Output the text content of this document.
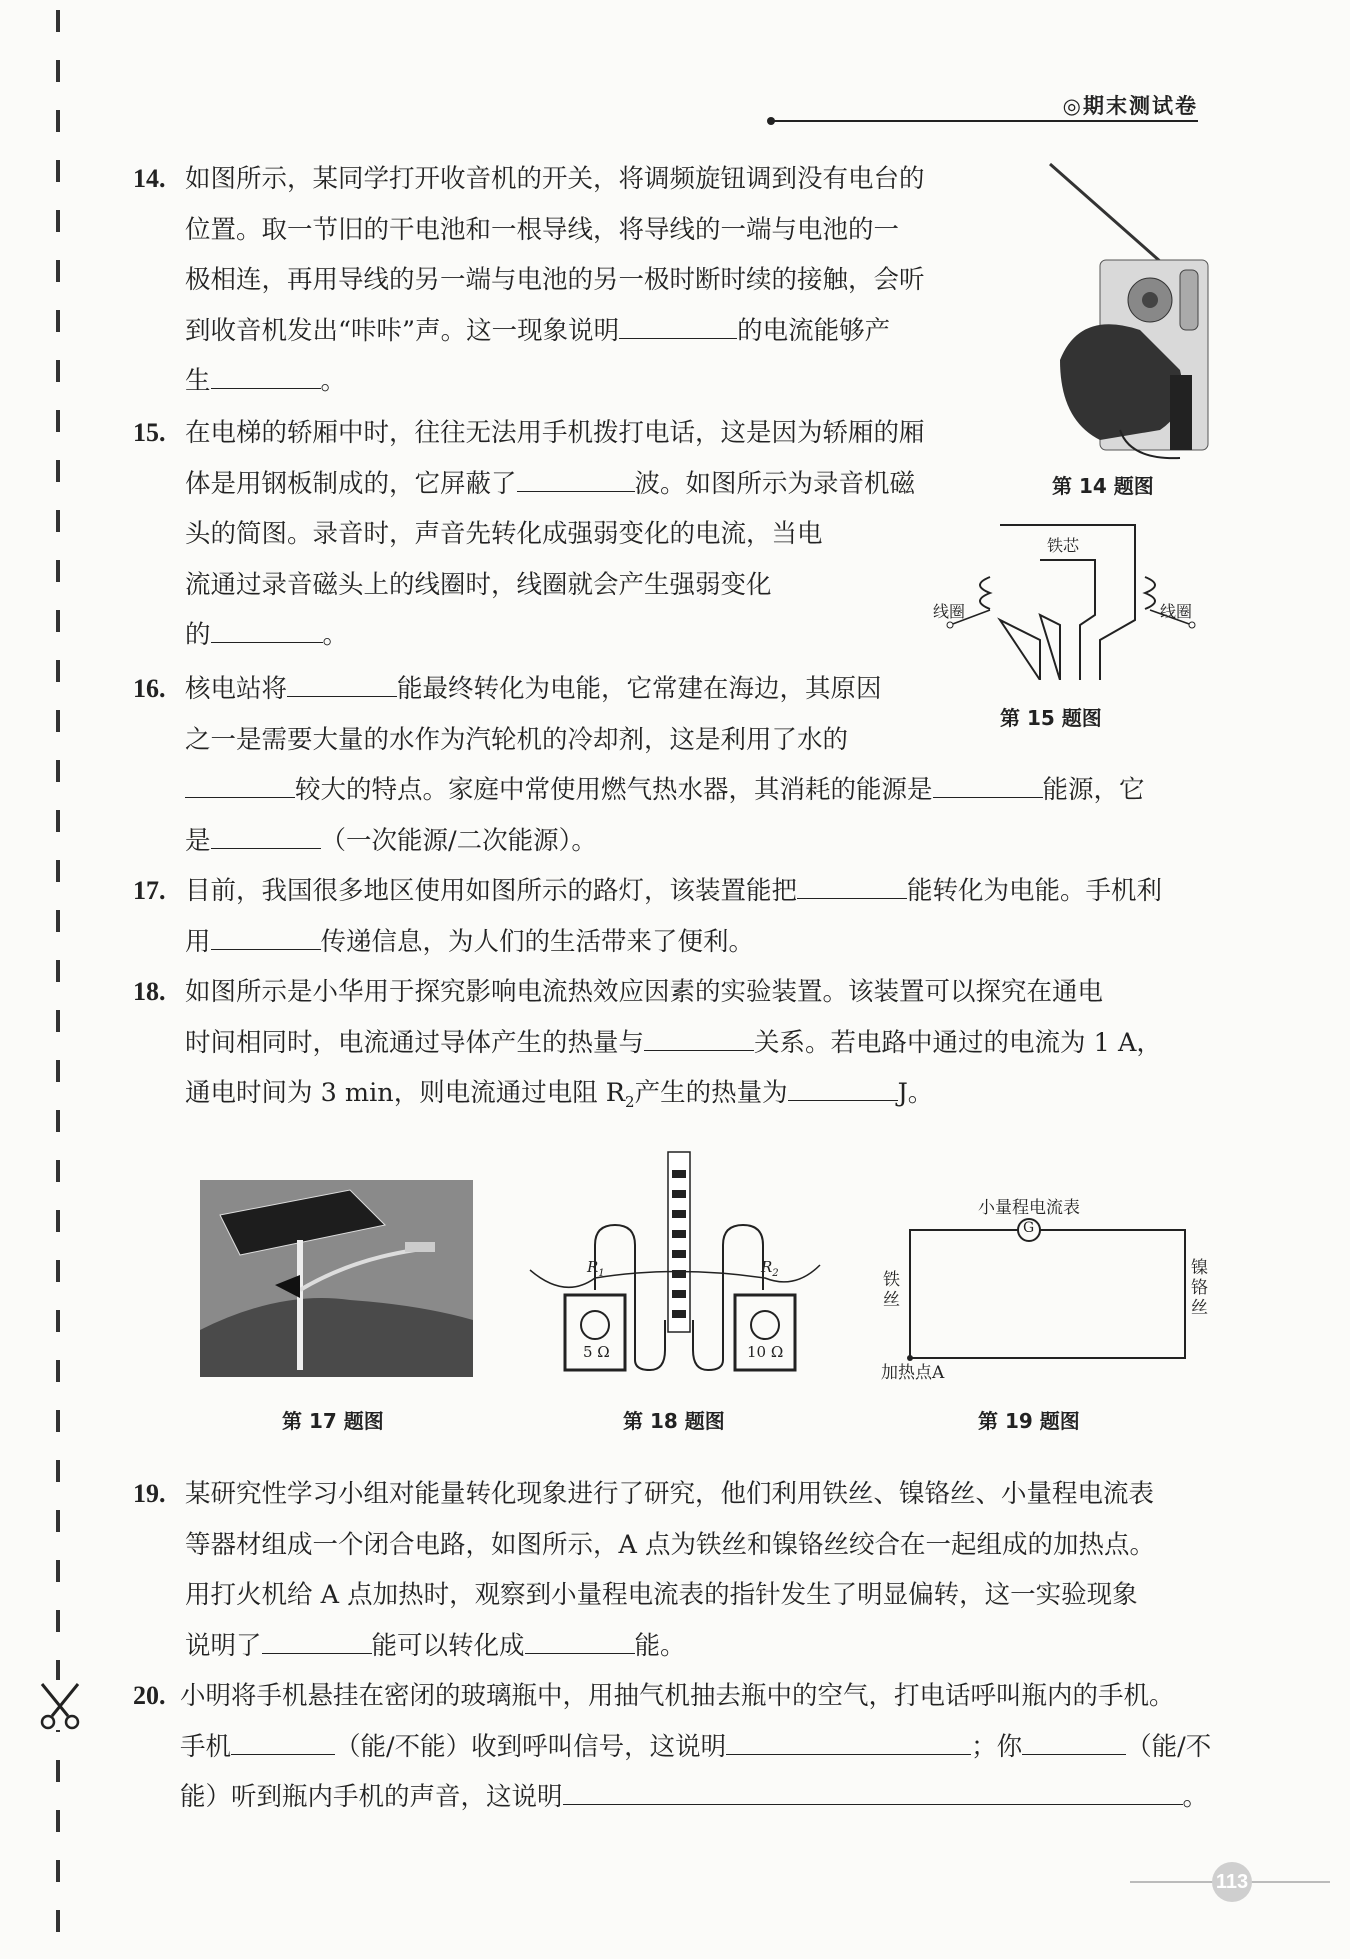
◎期末测试卷
14. 如图所示，某同学打开收音机的开关，将调频旋钮调到没有电台的

位置。取一节旧的干电池和一根导线，将导线的一端与电池的一

极相连，再用导线的另一端与电池的另一极时断时续的接触，会听

到收音机发出“咔咔”声。这一现象说明	的电流能够产

生	。

第 14 题图
15. 在电梯的轿厢中时，往往无法用手机拨打电话，这是因为轿厢的厢

体是用钢板制成的，它屏蔽了	波。如图所示为录音机磁

头的简图。录音时，声音先转化成强弱变化的电流，当电

流通过录音磁头上的线圈时，线圈就会产生强弱变化

的	。

铁芯
线圈	线圈
第 15 题图
16. 核电站将	能最终转化为电能，它常建在海边，其原因

之一是需要大量的水作为汽轮机的冷却剂，这是利用了水的

较大的特点。家庭中常使用燃气热水器，其消耗的能源是	能源，它

是	（一次能源/二次能源）。

17. 目前，我国很多地区使用如图所示的路灯，该装置能把	能转化为电能。手机利

用	传递信息，为人们的生活带来了便利。

18. 如图所示是小华用于探究影响电流热效应因素的实验装置。该装置可以探究在通电

时间相同时，电流通过导体产生的热量与	关系。若电路中通过的电流为 1 A，

通电时间为 3 min，则电流通过电阻 $R_2$产生的热量为	J。

第 17 题图
$R_1$	$R_2$
5 Ω	10 Ω
第 18 题图
G
小量程电流表
铁丝
镍铬丝
加热点A
第 19 题图
19. 某研究性学习小组对能量转化现象进行了研究，他们利用铁丝、镍铬丝、小量程电流表

等器材组成一个闭合电路，如图所示，A 点为铁丝和镍铬丝绞合在一起组成的加热点。

用打火机给 A 点加热时，观察到小量程电流表的指针发生了明显偏转，这一实验现象

说明了	能可以转化成	能。

20. 小明将手机悬挂在密闭的玻璃瓶中，用抽气机抽去瓶中的空气，打电话呼叫瓶内的手机。

手机	（能/不能）收到呼叫信号，这说明	；你	（能/不

能）听到瓶内手机的声音，这说明	。

113
